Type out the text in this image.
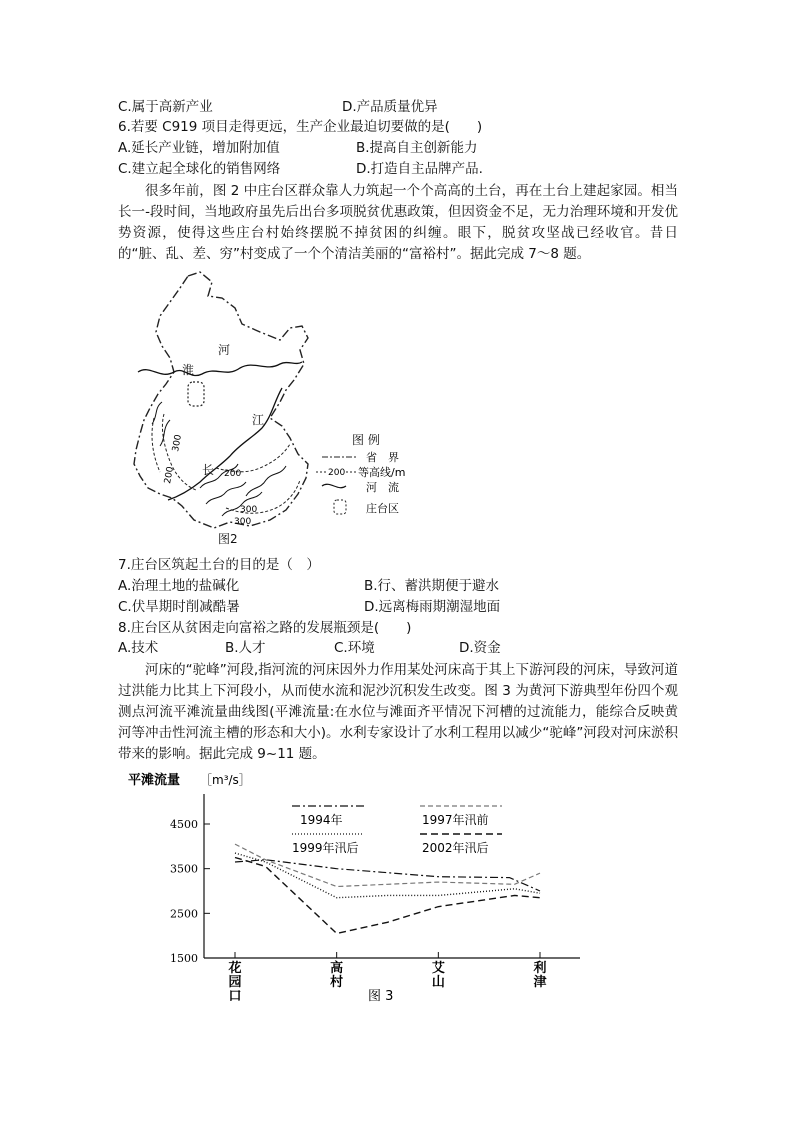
C.属于高新产业	D.产品质量优异
6.若要 C919 项目走得更远，生产企业最迫切要做的是(　　)
A.延长产业链，增加附加值	B.提高自主创新能力
C.建立起全球化的销售网络	D.打造自主品牌产品.

很多年前，图 2 中庄台区群众靠人力筑起一个个高高的土台，再在土台上建起家园。相当长一-段时间，当地政府虽先后出台多项脱贫优惠政策，但因资金不足，无力治理环境和开发优势资源，使得这些庄台村始终摆脱不掉贫困的纠缠。眼下，脱贫攻坚战已经收官。昔日的“脏、乱、差、穷”村变成了一个个清洁美丽的“富裕村”。据此完成 7～8 题。

河
淮
江
长 200
200
300
300
300
图 例
省　界
200 等高线/m
河　流
庄台区
图2
7.庄台区筑起土台的目的是（　）
A.治理土地的盐碱化	B.行、蓄洪期便于避水
C.伏旱期时削减酷暑	D.远离梅雨期潮湿地面
8.庄台区从贫困走向富裕之路的发展瓶颈是(　　)
A.技术	B.人才	C.环境	D.资金

河床的“驼峰”河段,指河流的河床因外力作用某处河床高于其上下游河段的河床，导致河道过洪能力比其上下河段小，从而使水流和泥沙沉积发生改变。图 3 为黄河下游典型年份四个观测点河流平滩流量曲线图(平滩流量:在水位与滩面齐平情况下河槽的过流能力，能综合反映黄河等冲击性河流主槽的形态和大小)。水利专家设计了水利工程用以减少“驼峰”河段对河床淤积带来的影响。据此完成 9~11 题。

平滩流量 ［m³/s］
4500
3500
2500
1500
花园口
高村
艾山
利津
1994年
1999年汛后
1997年汛前
2002年汛后
图 3
